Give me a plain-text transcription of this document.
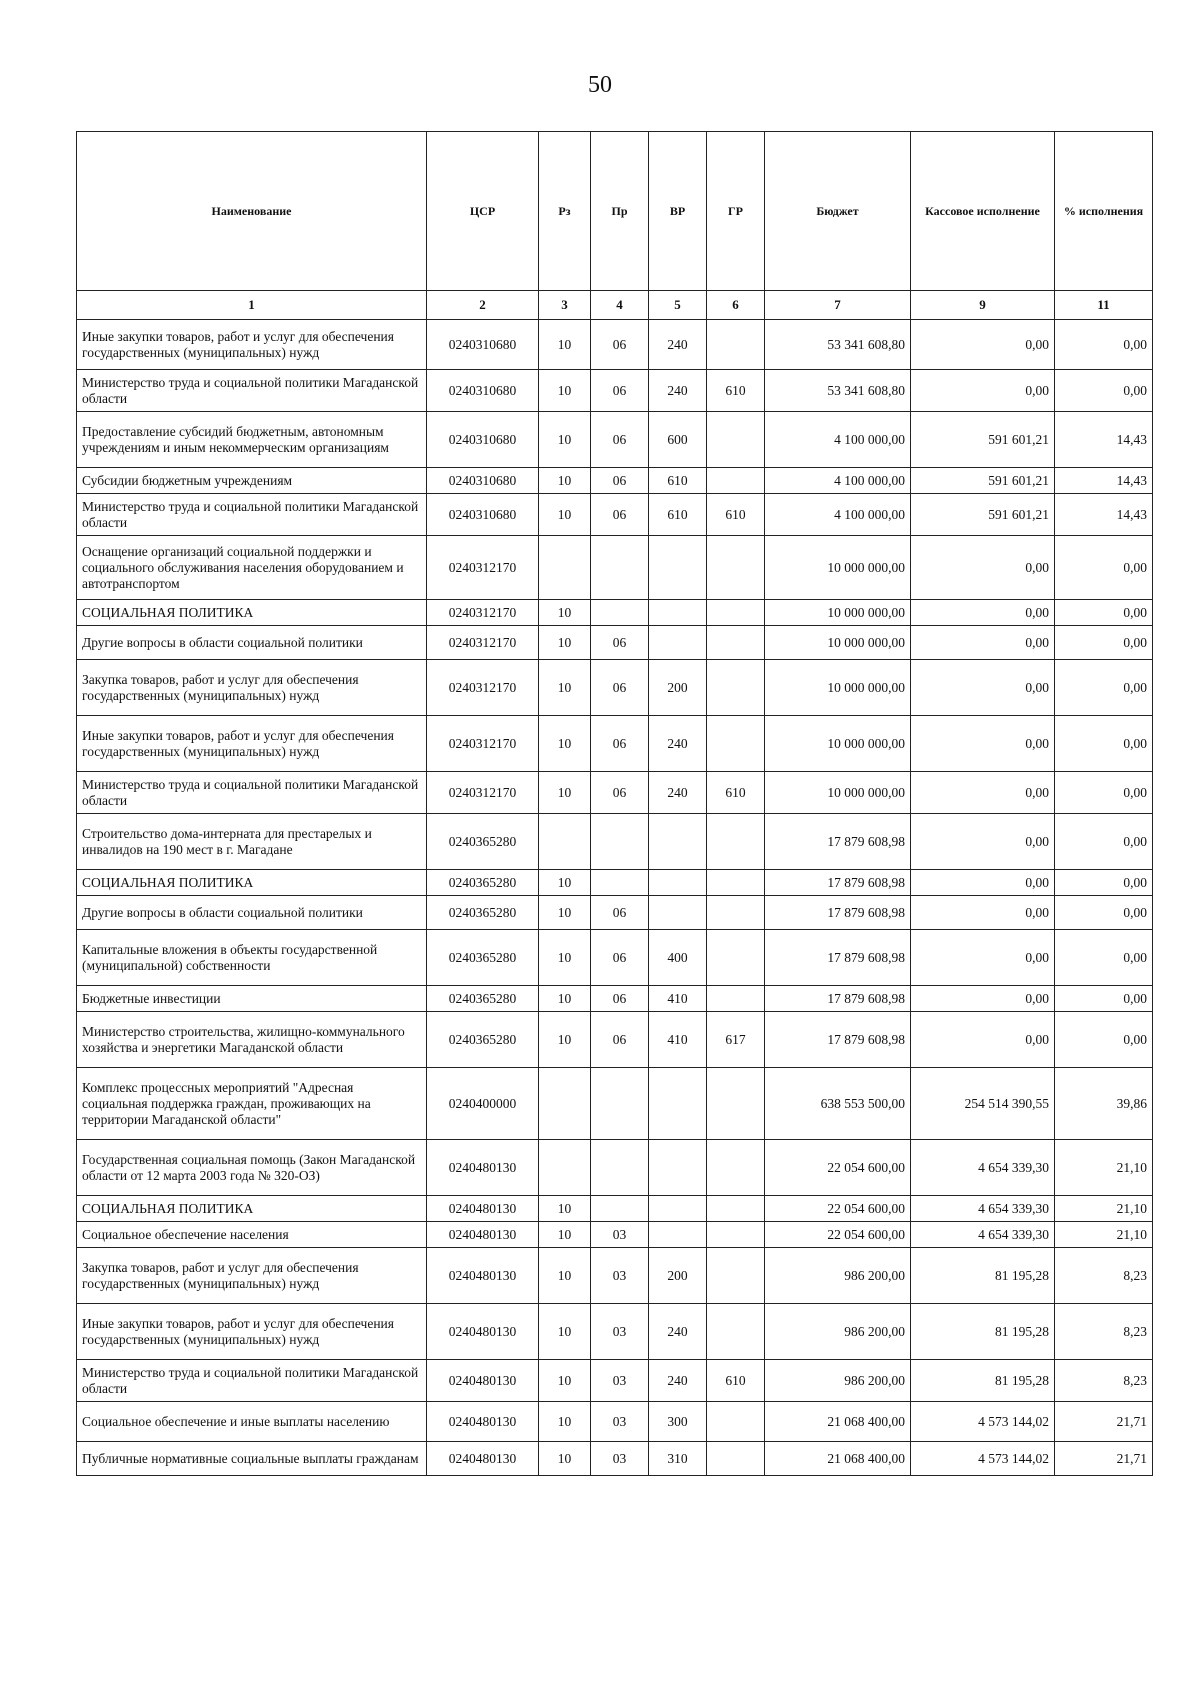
50
Наименование	ЦСР	Рз	Пр	ВР	ГР	Бюджет	Кассовое исполнение	% исполнения
1	2	3	4	5	6	7	9	11
Иные закупки товаров, работ и услуг для обеспечения государственных (муниципальных) нужд	0240310680	10	06	240		53 341 608,80	0,00	0,00
Министерство труда и социальной политики Магаданской области	0240310680	10	06	240	610	53 341 608,80	0,00	0,00
Предоставление субсидий бюджетным, автономным учреждениям и иным некоммерческим организациям	0240310680	10	06	600		4 100 000,00	591 601,21	14,43
Субсидии бюджетным учреждениям	0240310680	10	06	610		4 100 000,00	591 601,21	14,43
Министерство труда и социальной политики Магаданской области	0240310680	10	06	610	610	4 100 000,00	591 601,21	14,43
Оснащение организаций социальной поддержки и социального обслуживания населения оборудованием и автотранспортом	0240312170					10 000 000,00	0,00	0,00
СОЦИАЛЬНАЯ ПОЛИТИКА	0240312170	10				10 000 000,00	0,00	0,00
Другие вопросы в области социальной политики	0240312170	10	06			10 000 000,00	0,00	0,00
Закупка товаров, работ и услуг для обеспечения государственных (муниципальных) нужд	0240312170	10	06	200		10 000 000,00	0,00	0,00
Иные закупки товаров, работ и услуг для обеспечения государственных (муниципальных) нужд	0240312170	10	06	240		10 000 000,00	0,00	0,00
Министерство труда и социальной политики Магаданской области	0240312170	10	06	240	610	10 000 000,00	0,00	0,00
Строительство дома-интерната для престарелых и инвалидов на 190 мест в г. Магадане	0240365280					17 879 608,98	0,00	0,00
СОЦИАЛЬНАЯ ПОЛИТИКА	0240365280	10				17 879 608,98	0,00	0,00
Другие вопросы в области социальной политики	0240365280	10	06			17 879 608,98	0,00	0,00
Капитальные вложения в объекты государственной (муниципальной) собственности	0240365280	10	06	400		17 879 608,98	0,00	0,00
Бюджетные инвестиции	0240365280	10	06	410		17 879 608,98	0,00	0,00
Министерство строительства, жилищно-коммунального хозяйства и энергетики Магаданской области	0240365280	10	06	410	617	17 879 608,98	0,00	0,00
Комплекс процессных мероприятий "Адресная социальная поддержка граждан, проживающих на территории Магаданской области"	0240400000					638 553 500,00	254 514 390,55	39,86
Государственная социальная помощь (Закон Магаданской области от 12 марта 2003 года № 320-ОЗ)	0240480130					22 054 600,00	4 654 339,30	21,10
СОЦИАЛЬНАЯ ПОЛИТИКА	0240480130	10				22 054 600,00	4 654 339,30	21,10
Социальное обеспечение населения	0240480130	10	03			22 054 600,00	4 654 339,30	21,10
Закупка товаров, работ и услуг для обеспечения государственных (муниципальных) нужд	0240480130	10	03	200		986 200,00	81 195,28	8,23
Иные закупки товаров, работ и услуг для обеспечения государственных (муниципальных) нужд	0240480130	10	03	240		986 200,00	81 195,28	8,23
Министерство труда и социальной политики Магаданской области	0240480130	10	03	240	610	986 200,00	81 195,28	8,23
Социальное обеспечение и иные выплаты населению	0240480130	10	03	300		21 068 400,00	4 573 144,02	21,71
Публичные нормативные социальные выплаты гражданам	0240480130	10	03	310		21 068 400,00	4 573 144,02	21,71
